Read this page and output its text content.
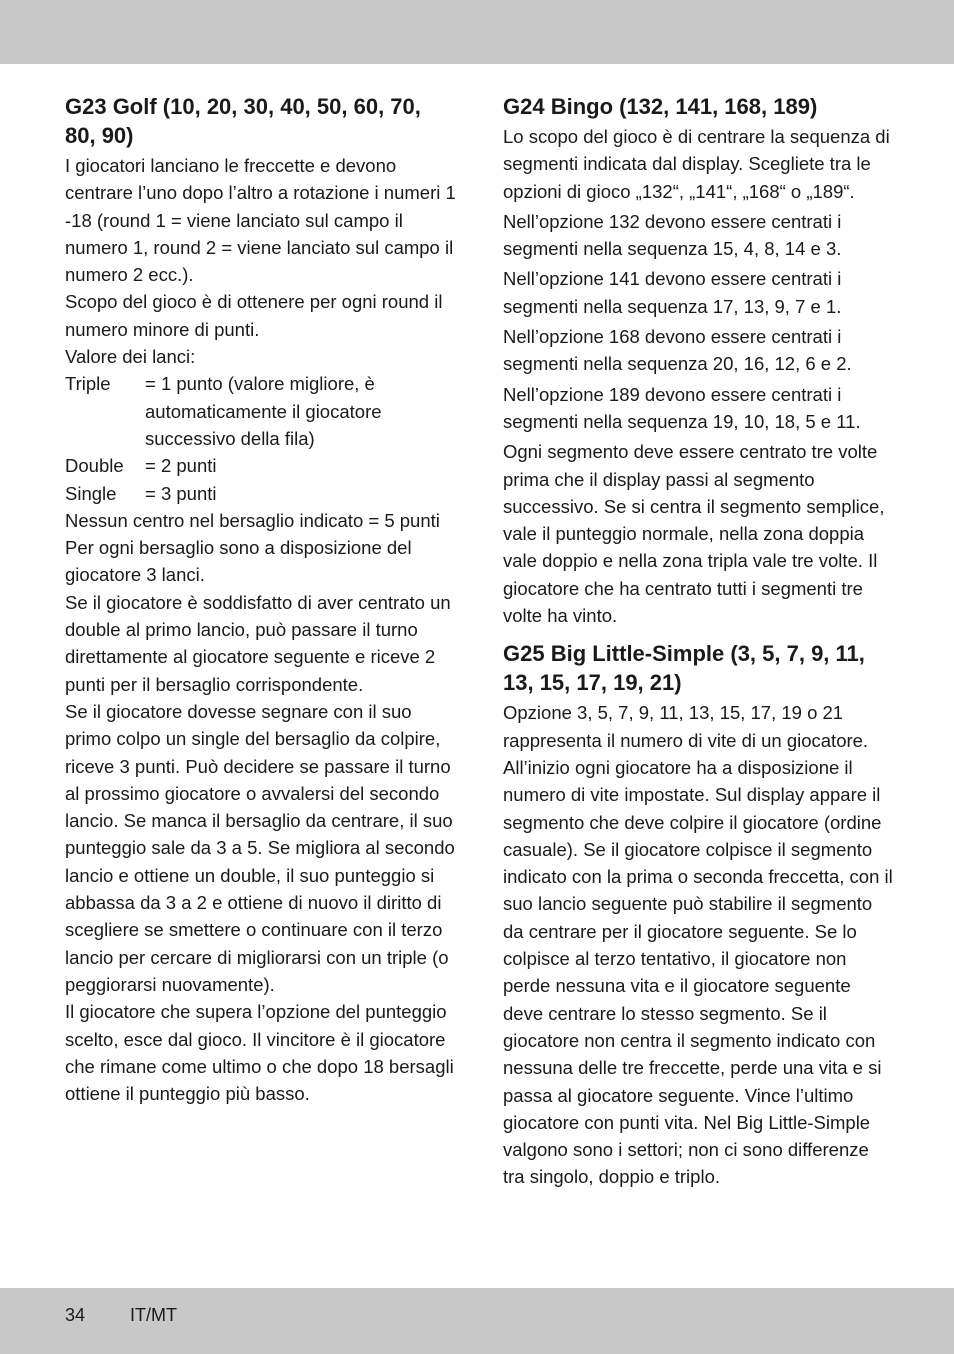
G23 Golf (10, 20, 30, 40, 50, 60, 70, 80, 90)

I giocatori lanciano le freccette e devono centrare l’uno dopo l’altro a rotazione i numeri 1 -18 (round 1 = viene lanciato sul campo il numero 1, round 2 = viene lanciato sul campo il numero 2 ecc.).

Scopo del gioco è di ottenere per ogni round il numero minore di punti.

Valore dei lanci:

Triple	= 1 punto (valore migliore, è automaticamente il giocatore successivo della fila)
Double	= 2 punti
Single	= 3 punti

Nessun centro nel bersaglio indicato = 5 punti Per ogni bersaglio sono a disposizione del giocatore 3 lanci.

Se il giocatore è soddisfatto di aver centrato un double al primo lancio, può passare il turno direttamente al giocatore seguente e riceve 2 punti per il bersaglio corrispondente.

Se il giocatore dovesse segnare con il suo primo colpo un single del bersaglio da colpire, riceve 3 punti. Può decidere se passare il turno al prossimo giocatore o avvalersi del secondo lancio. Se manca il bersaglio da centrare, il suo punteggio sale da 3 a 5. Se migliora al secondo lancio e ottiene un double, il suo punteggio si abbassa da 3 a 2 e ottiene di nuovo il diritto di scegliere se smettere o continuare con il terzo lancio per cercare di migliorarsi con un triple (o peggiorarsi nuovamente).

Il giocatore che supera l’opzione del punteggio scelto, esce dal gioco. Il vincitore è il giocatore che rimane come ultimo o che dopo 18 bersagli ottiene il punteggio più basso.

G24 Bingo (132, 141, 168, 189)

Lo scopo del gioco è di centrare la sequenza di segmenti indicata dal display. Scegliete tra le opzioni di gioco „132“, „141“, „168“ o „189“.

Nell’opzione 132 devono essere centrati i segmenti nella sequenza 15, 4, 8, 14 e 3.

Nell’opzione 141 devono essere centrati i segmenti nella sequenza 17, 13, 9, 7 e 1.

Nell’opzione 168 devono essere centrati i segmenti nella sequenza 20, 16, 12, 6 e 2.

Nell’opzione 189 devono essere centrati i segmenti nella sequenza 19, 10, 18, 5 e 11.

Ogni segmento deve essere centrato tre volte prima che il display passi al segmento successivo. Se si centra il segmento semplice, vale il punteggio normale, nella zona doppia vale doppio e nella zona tripla vale tre volte. Il giocatore che ha centrato tutti i segmenti tre volte ha vinto.

G25 Big Little-Simple (3, 5, 7, 9, 11, 13, 15, 17, 19, 21)

Opzione 3, 5, 7, 9, 11, 13, 15, 17, 19 o 21 rappresenta il numero di vite di un giocatore. All’inizio ogni giocatore ha a disposizione il numero di vite impostate. Sul display appare il segmento che deve colpire il giocatore (ordine casuale). Se il giocatore colpisce il segmento indicato con la prima o seconda freccetta, con il suo lancio seguente può stabilire il segmento da centrare per il giocatore seguente. Se lo colpisce al terzo tentativo, il giocatore non perde nessuna vita e il giocatore seguente deve centrare lo stesso segmento. Se il giocatore non centra il segmento indicato con nessuna delle tre freccette, perde una vita e si passa al giocatore seguente. Vince l’ultimo giocatore con punti vita. Nel Big Little-Simple valgono sono i settori; non ci sono differenze tra singolo, doppio e triplo.

34 IT/MT
